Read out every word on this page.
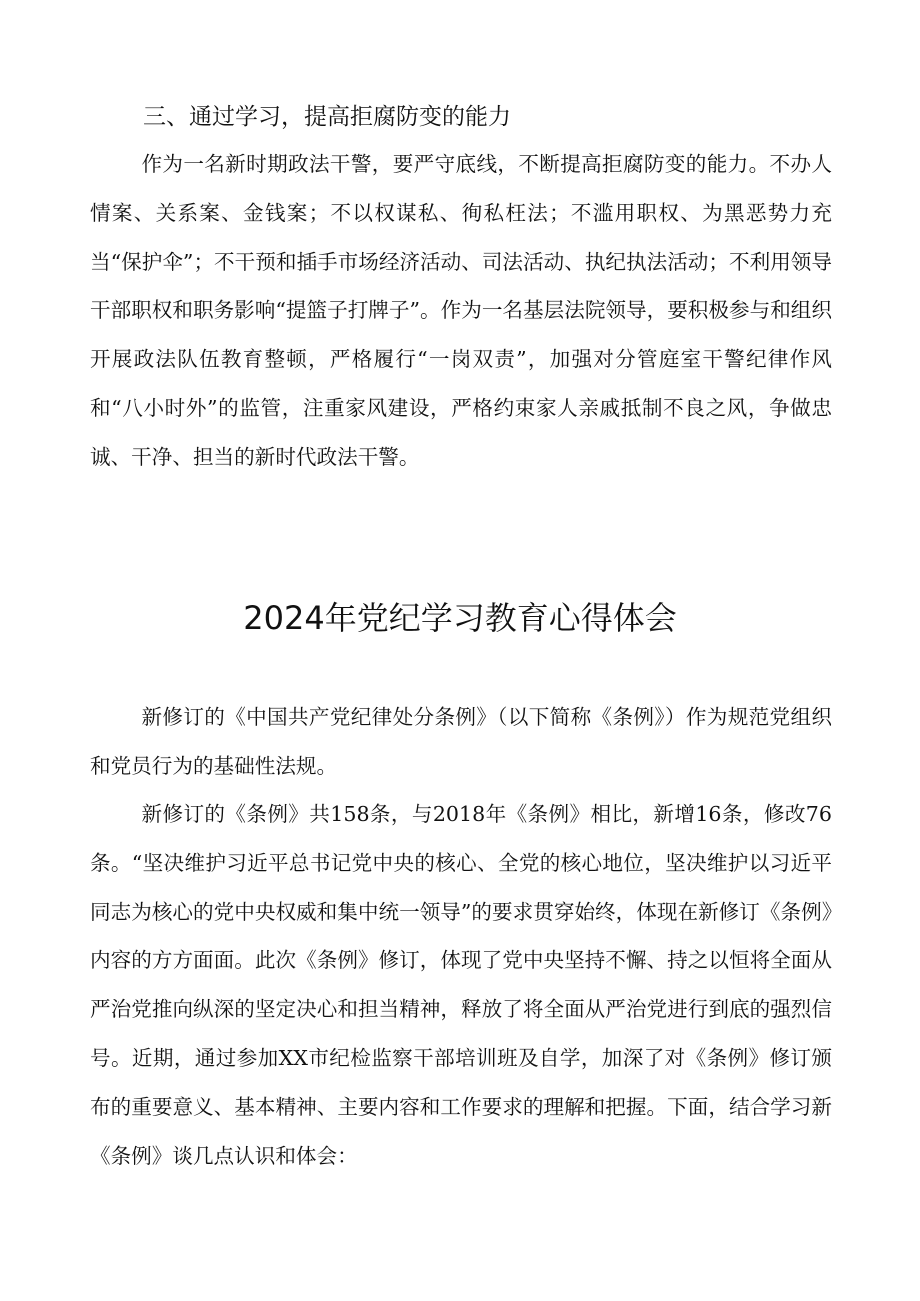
三、通过学习，提高拒腐防变的能力

作为一名新时期政法干警，要严守底线，不断提高拒腐防变的能力。不办人情案、关系案、金钱案；不以权谋私、徇私枉法；不滥用职权、为黑恶势力充当“保护伞”；不干预和插手市场经济活动、司法活动、执纪执法活动；不利用领导干部职权和职务影响“提篮子打牌子”。作为一名基层法院领导，要积极参与和组织开展政法队伍教育整顿，严格履行“一岗双责”，加强对分管庭室干警纪律作风和“八小时外”的监管，注重家风建设，严格约束家人亲戚抵制不良之风，争做忠诚、干净、担当的新时代政法干警。

2024年党纪学习教育心得体会

新修订的《中国共产党纪律处分条例》（以下简称《条例》）作为规范党组织和党员行为的基础性法规。

新修订的《条例》共158条，与2018年《条例》相比，新增16条，修改76条。“坚决维护习近平总书记党中央的核心、全党的核心地位，坚决维护以习近平同志为核心的党中央权威和集中统一领导”的要求贯穿始终，体现在新修订《条例》内容的方方面面。此次《条例》修订，体现了党中央坚持不懈、持之以恒将全面从严治党推向纵深的坚定决心和担当精神，释放了将全面从严治党进行到底的强烈信号。近期，通过参加XX市纪检监察干部培训班及自学，加深了对《条例》修订颁布的重要意义、基本精神、主要内容和工作要求的理解和把握。下面，结合学习新《条例》谈几点认识和体会：
